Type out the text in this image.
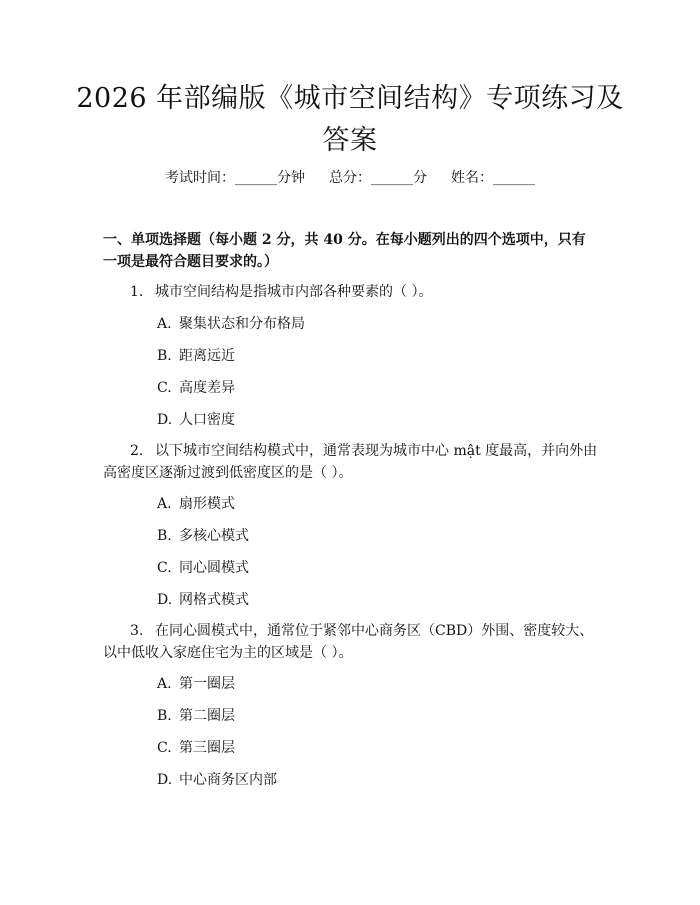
2026 年部编版《城市空间结构》专项练习及
答案
考试时间：______分钟 总分：______分 姓名：______
一、单项选择题（每小题 2 分，共 40 分。在每小题列出的四个选项中，只有一项是最符合题目要求的。）
1. 城市空间结构是指城市内部各种要素的（ ）。
A. 聚集状态和分布格局
B. 距离远近
C. 高度差异
D. 人口密度
2. 以下城市空间结构模式中，通常表现为城市中心 mật 度最高，并向外由高密度区逐渐过渡到低密度区的是（ ）。
A. 扇形模式
B. 多核心模式
C. 同心圆模式
D. 网格式模式
3. 在同心圆模式中，通常位于紧邻中心商务区（CBD）外围、密度较大、以中低收入家庭住宅为主的区域是（ ）。
A. 第一圈层
B. 第二圈层
C. 第三圈层
D. 中心商务区内部
